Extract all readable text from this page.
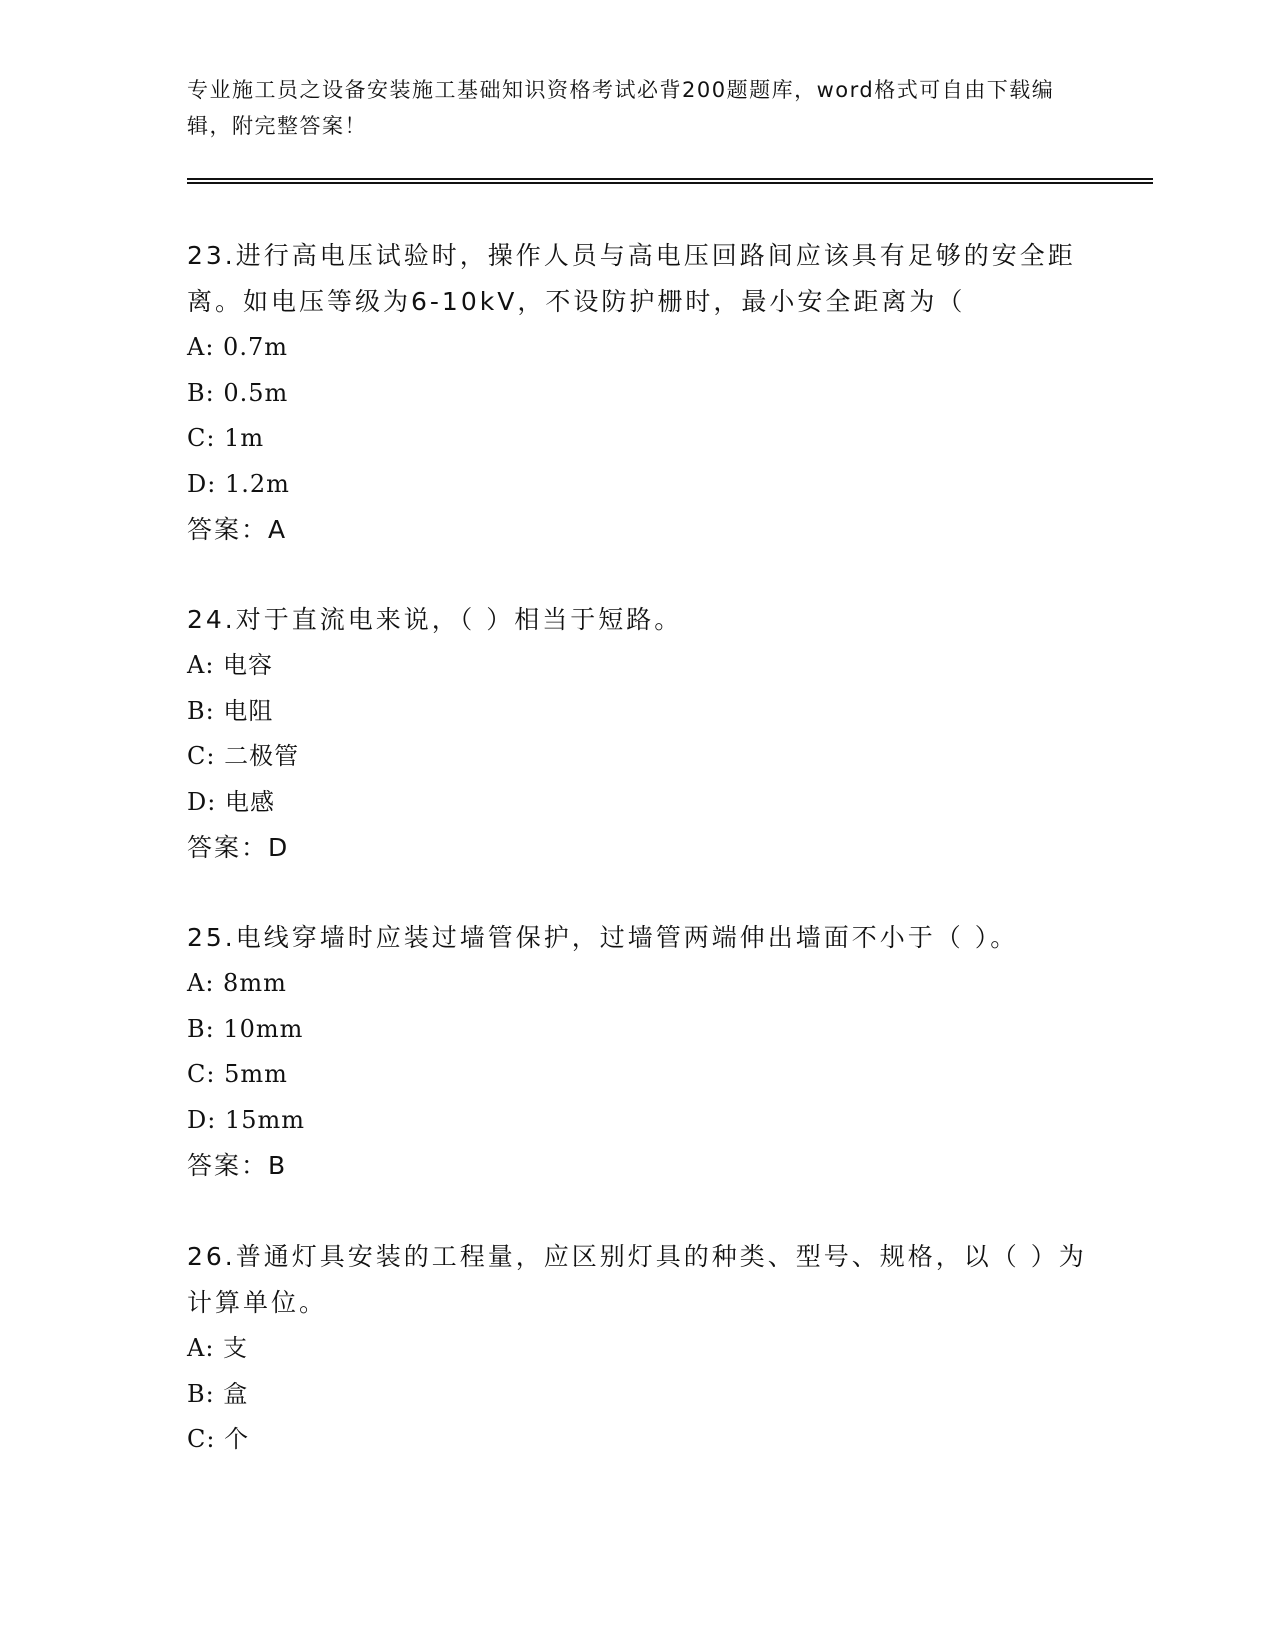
专业施工员之设备安装施工基础知识资格考试必背200题题库，word格式可自由下载编辑，附完整答案！

23.进行高电压试验时，操作人员与高电压回路间应该具有足够的安全距离。如电压等级为6-10kV，不设防护栅时，最小安全距离为（

A: 0.7m

B: 0.5m

C: 1m

D: 1.2m

答案：A

24.对于直流电来说，（ ）相当于短路。

A: 电容

B: 电阻

C: 二极管

D: 电感

答案：D

25.电线穿墙时应装过墙管保护，过墙管两端伸出墙面不小于（ ）。

A: 8mm

B: 10mm

C: 5mm

D: 15mm

答案：B

26.普通灯具安装的工程量，应区别灯具的种类、型号、规格，以（ ）为计算单位。

A: 支

B: 盒

C: 个
